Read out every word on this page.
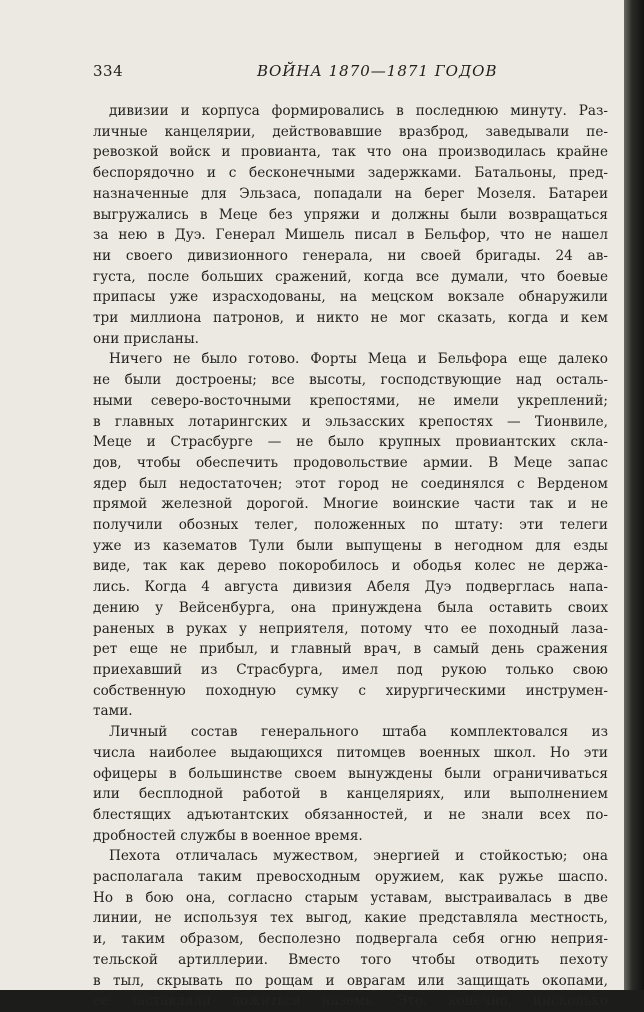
334	ВОЙНА 1870—1871 ГОДОВ
дивизии и корпуса формировались в последнюю минуту. Раз-
личные канцелярии, действовавшие вразброд, заведывали пе-
ревозкой войск и провианта, так что она производилась крайне
беспорядочно и с бесконечными задержками. Батальоны, пред-
назначенные для Эльзаса, попадали на берег Мозеля. Батареи
выгружались в Меце без упряжи и должны были возвращаться
за нею в Дуэ. Генерал Мишель писал в Бельфор, что не нашел
ни своего дивизионного генерала, ни своей бригады. 24 ав-
густа, после больших сражений, когда все думали, что боевые
припасы уже израсходованы, на мецском вокзале обнаружили
три миллиона патронов, и никто не мог сказать, когда и кем
они присланы.
Ничего не было готово. Форты Меца и Бельфора еще далеко
не были достроены; все высоты, господствующие над осталь-
ными северо-восточными крепостями, не имели укреплений;
в главных лотарингских и эльзасских крепостях — Тионвиле,
Меце и Страсбурге — не было крупных провиантских скла-
дов, чтобы обеспечить продовольствие армии. В Меце запас
ядер был недостаточен; этот город не соединялся с Верденом
прямой железной дорогой. Многие воинские части так и не
получили обозных телег, положенных по штату: эти телеги
уже из казематов Тули были выпущены в негодном для езды
виде, так как дерево покоробилось и ободья колес не держа-
лись. Когда 4 августа дивизия Абеля Дуэ подверглась напа-
дению у Вейсенбурга, она принуждена была оставить своих
раненых в руках у неприятеля, потому что ее походный лаза-
рет еще не прибыл, и главный врач, в самый день сражения
приехавший из Страсбурга, имел под рукою только свою
собственную походную сумку с хирургическими инструмен-
тами.
Личный состав генерального штаба комплектовался из
числа наиболее выдающихся питомцев военных школ. Но эти
офицеры в большинстве своем вынуждены были ограничиваться
или бесплодной работой в канцеляриях, или выполнением
блестящих адъютантских обязанностей, и не знали всех по-
дробностей службы в военное время.
Пехота отличалась мужеством, энергией и стойкостью; она
располагала таким превосходным оружием, как ружье шаспо.
Но в бою она, согласно старым уставам, выстраивалась в две
линии, не используя тех выгод, какие представляла местность,
и, таким образом, бесполезно подвергала себя огню неприя-
тельской артиллерии. Вместо того чтобы отводить пехоту
в тыл, скрывать по рощам и оврагам или защищать окопами,
ее заставляли ложиться наземь. Это, конечно, нисколько
